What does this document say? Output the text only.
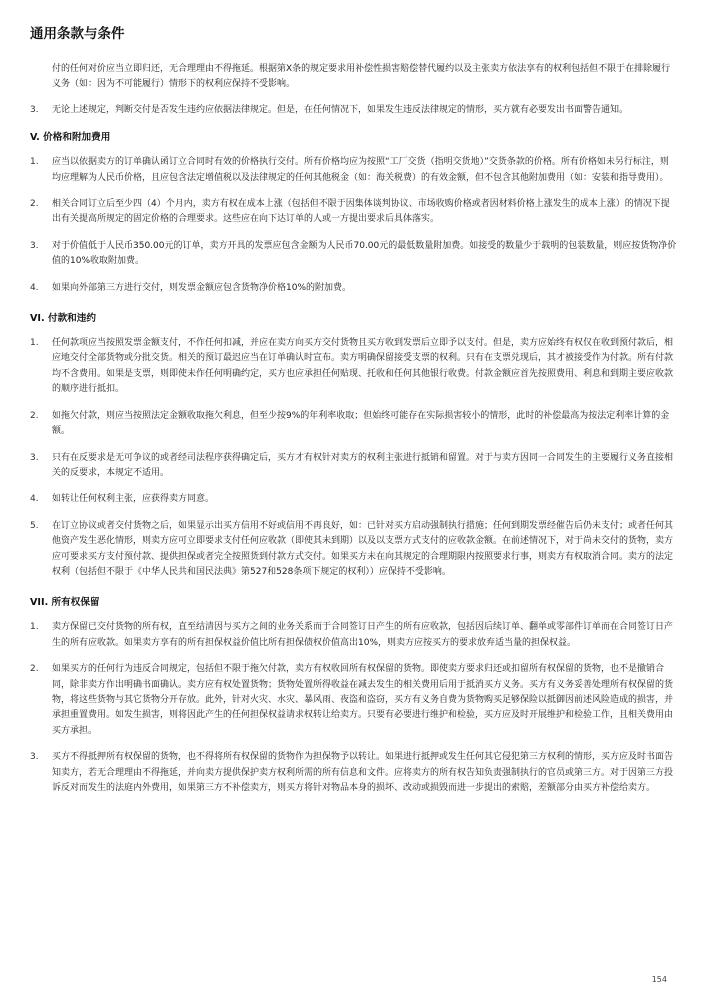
通用条款与条件

付的任何对价应当立即归还，无合理理由不得拖延。根据第X条的规定要求用补偿性损害赔偿替代履约以及主张卖方依法享有的权利包括但不限于在排除履行义务（如：因为不可能履行）情形下的权利应保持不受影响。

3.	无论上述规定，判断交付是否发生违约应依据法律规定。但是，在任何情况下，如果发生违反法律规定的情形，买方就有必要发出书面警告通知。

V. 价格和附加费用
1.	应当以依据卖方的订单确认函订立合同时有效的价格执行交付。所有价格均应为按照“工厂交货（指明交货地）”交货条款的价格。所有价格如未另行标注，则均应理解为人民币价格，且应包含法定增值税以及法律规定的任何其他税金（如：海关税费）的有效金额，但不包含其他附加费用（如：安装和指导费用）。

2.	相关合同订立后至少四（4）个月内，卖方有权在成本上涨（包括但不限于因集体谈判协议、市场收购价格或者因材料价格上涨发生的成本上涨）的情况下提出有关提高所规定的固定价格的合理要求。这些应在向下达订单的人或一方提出要求后具体落实。

3.	对于价值低于人民币350.00元的订单，卖方开具的发票应包含金额为人民币70.00元的最低数量附加费。如接受的数量少于载明的包装数量，则应按货物净价值的10%收取附加费。

4.	如果向外部第三方进行交付，则发票金额应包含货物净价格10%的附加费。

VI. 付款和违约
1.	任何款项应当按照发票金额支付，不作任何扣减，并应在卖方向买方交付货物且买方收到发票后立即予以支付。但是，卖方应始终有权仅在收到预付款后，相应地交付全部货物或分批交货。相关的预订最迟应当在订单确认时宣布。卖方明确保留接受支票的权利。只有在支票兑现后，其才被接受作为付款。所有付款均不含费用。如果是支票，则即使未作任何明确约定，买方也应承担任何贴现、托收和任何其他银行收费。付款金额应首先按照费用、利息和到期主要应收款的顺序进行抵扣。

2.	如拖欠付款，则应当按照法定金额收取拖欠利息，但至少按9%的年利率收取；但始终可能存在实际损害较小的情形，此时的补偿最高为按法定利率计算的金额。

3.	只有在反要求是无可争议的或者经司法程序获得确定后，买方才有权针对卖方的权利主张进行抵销和留置。对于与卖方因同一合同发生的主要履行义务直接相关的反要求，本规定不适用。

4.	如转让任何权利主张，应获得卖方同意。

5.	在订立协议或者交付货物之后，如果显示出买方信用不好或信用不再良好，如：已针对买方启动强制执行措施；任何到期发票经催告后仍未支付；或者任何其他资产发生恶化情形，则卖方应可立即要求支付任何应收款（即使其未到期）以及以支票方式支付的应收款金额。在前述情况下，对于尚未交付的货物，卖方应可要求买方支付预付款、提供担保或者完全按照货到付款方式交付。如果买方未在向其规定的合理期限内按照要求行事，则卖方有权取消合同。卖方的法定权利（包括但不限于《中华人民共和国民法典》第527和528条项下规定的权利））应保持不受影响。

VII. 所有权保留
1.	卖方保留已交付货物的所有权，直至结清因与买方之间的业务关系而于合同签订日产生的所有应收款，包括因后续订单、翻单或零部件订单而在合同签订日产生的所有应收款。如果卖方享有的所有担保权益价值比所有担保债权价值高出10%，则卖方应按买方的要求放弃适当量的担保权益。

2.	如果买方的任何行为违反合同规定，包括但不限于拖欠付款，卖方有权收回所有权保留的货物。即使卖方要求归还或扣留所有权保留的货物，也不是撤销合同，除非卖方作出明确书面确认。卖方应有权处置货物；货物处置所得收益在减去发生的相关费用后用于抵消买方义务。买方有义务妥善处理所有权保留的货物，将这些货物与其它货物分开存放。此外，针对火灾、水灾、暴风雨、夜盗和盗窃，买方有义务自费为货物购买足够保险以抵御因前述风险造成的损害，并承担重置费用。如发生损害，则将因此产生的任何担保权益请求权转让给卖方。只要有必要进行维护和检验，买方应及时开展维护和检验工作，且相关费用由买方承担。

3.	买方不得抵押所有权保留的货物，也不得将所有权保留的货物作为担保物予以转让。如果进行抵押或发生任何其它侵犯第三方权利的情形，买方应及时书面告知卖方，若无合理理由不得拖延，并向卖方提供保护卖方权利所需的所有信息和文件。应将卖方的所有权告知负责强制执行的官员或第三方。对于因第三方投诉反对而发生的法庭内外费用，如果第三方不补偿卖方，则买方将针对物品本身的损坏、改动或损毁而进一步提出的索赔，差额部分由买方补偿给卖方。

154
